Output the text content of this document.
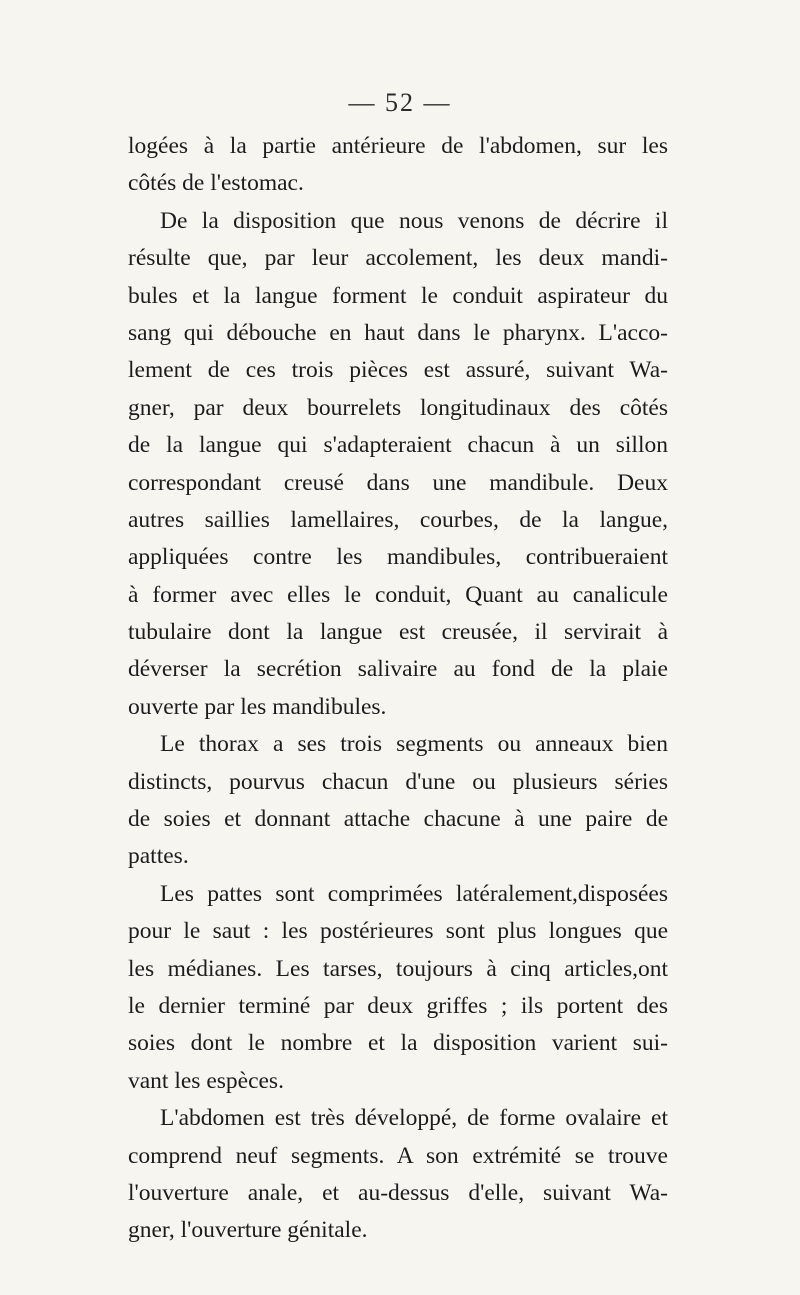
— 52 —
logées à la partie antérieure de l'abdomen, sur les
côtés de l'estomac.
De la disposition que nous venons de décrire il
résulte que, par leur accolement, les deux mandi-
bules et la langue forment le conduit aspirateur du
sang qui débouche en haut dans le pharynx. L'acco-
lement de ces trois pièces est assuré, suivant Wa-
gner, par deux bourrelets longitudinaux des côtés
de la langue qui s'adapteraient chacun à un sillon
correspondant creusé dans une mandibule. Deux
autres saillies lamellaires, courbes, de la langue,
appliquées contre les mandibules, contribueraient
à former avec elles le conduit, Quant au canalicule
tubulaire dont la langue est creusée, il servirait à
déverser la secrétion salivaire au fond de la plaie
ouverte par les mandibules.
Le thorax a ses trois segments ou anneaux bien
distincts, pourvus chacun d'une ou plusieurs séries
de soies et donnant attache chacune à une paire de
pattes.
Les pattes sont comprimées latéralement,disposées
pour le saut : les postérieures sont plus longues que
les médianes. Les tarses, toujours à cinq articles,ont
le dernier terminé par deux griffes ; ils portent des
soies dont le nombre et la disposition varient sui-
vant les espèces.
L'abdomen est très développé, de forme ovalaire et
comprend neuf segments. A son extrémité se trouve
l'ouverture anale, et au-dessus d'elle, suivant Wa-
gner, l'ouverture génitale.
